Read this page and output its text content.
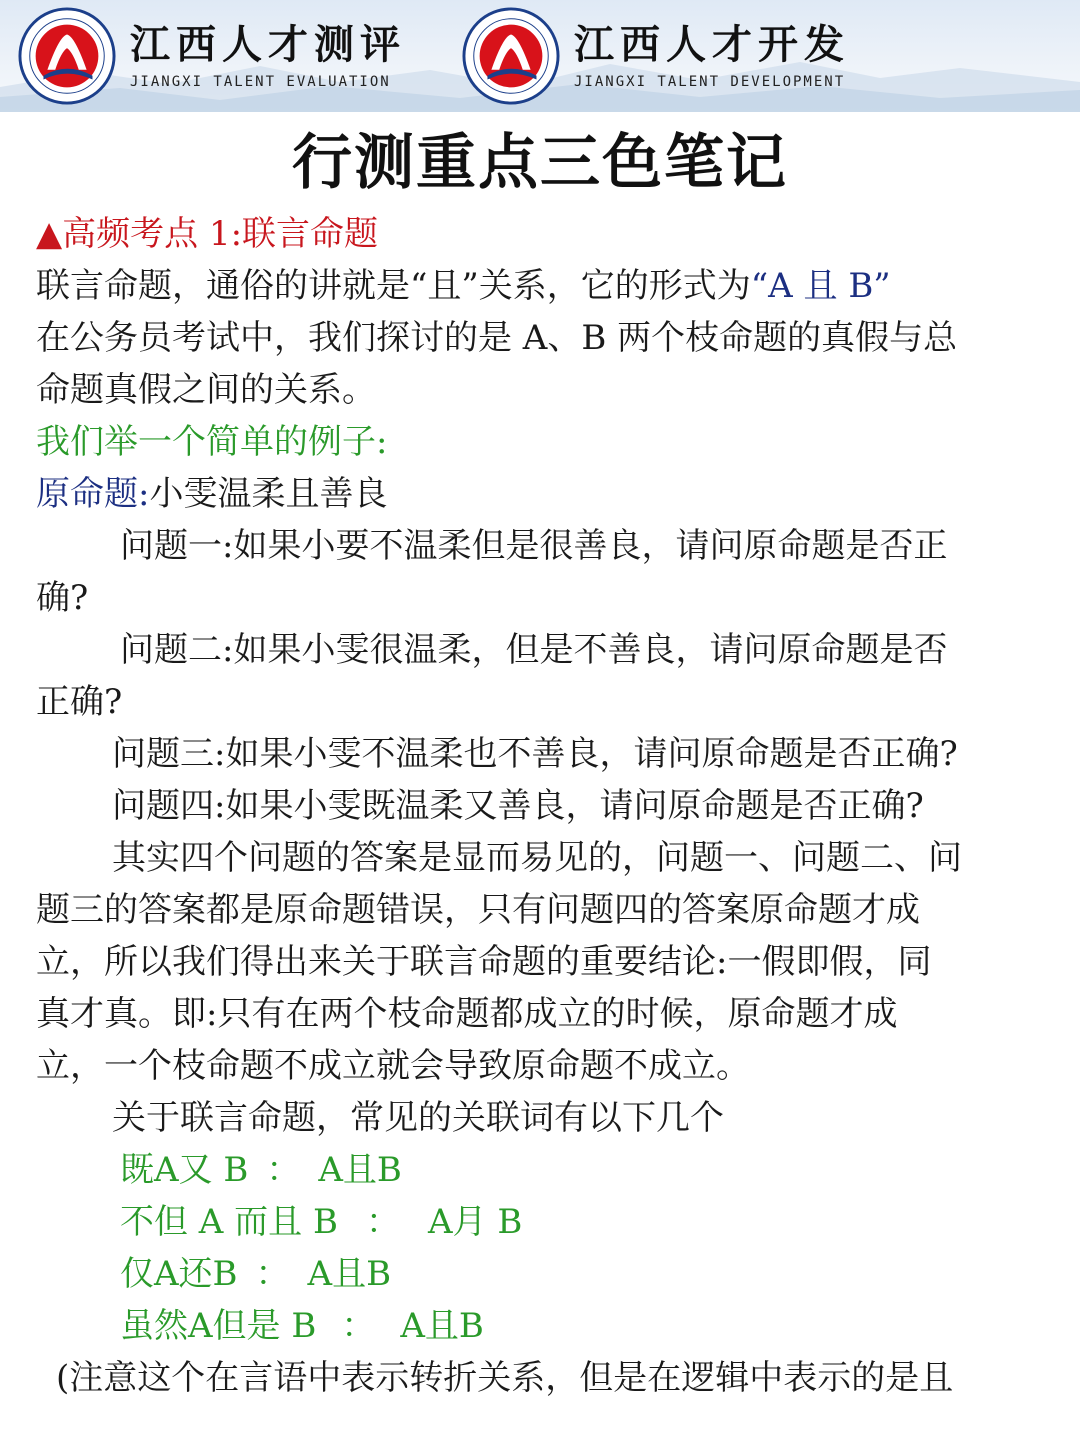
江西人才测评
JIANGXI TALENT EVALUATION
江西人才开发
JIANGXI TALENT DEVELOPMENT
行测重点三色笔记
▲高频考点 1:联言命题
联言命题，通俗的讲就是“且”关系，它的形式为“A 且 B”
在公务员考试中，我们探讨的是 A、B 两个枝命题的真假与总
命题真假之间的关系。
我们举一个简单的例子:
原命题:小雯温柔且善良
问题一:如果小要不温柔但是很善良，请问原命题是否正
确?
问题二:如果小雯很温柔，但是不善良，请问原命题是否
正确?
问题三:如果小雯不温柔也不善良，请问原命题是否正确?
问题四:如果小雯既温柔又善良，请问原命题是否正确?
其实四个问题的答案是显而易见的，问题一、问题二、问
题三的答案都是原命题错误，只有问题四的答案原命题才成
立，所以我们得出来关于联言命题的重要结论:一假即假，同
真才真。即:只有在两个枝命题都成立的时候，原命题才成
立，一个枝命题不成立就会导致原命题不成立。
关于联言命题，常见的关联词有以下几个
既A又 B ： A且B
不但 A 而且 B ： A月 B
仅A还B ： A且B
虽然A但是 B ： A且B
(注意这个在言语中表示转折关系，但是在逻辑中表示的是且
